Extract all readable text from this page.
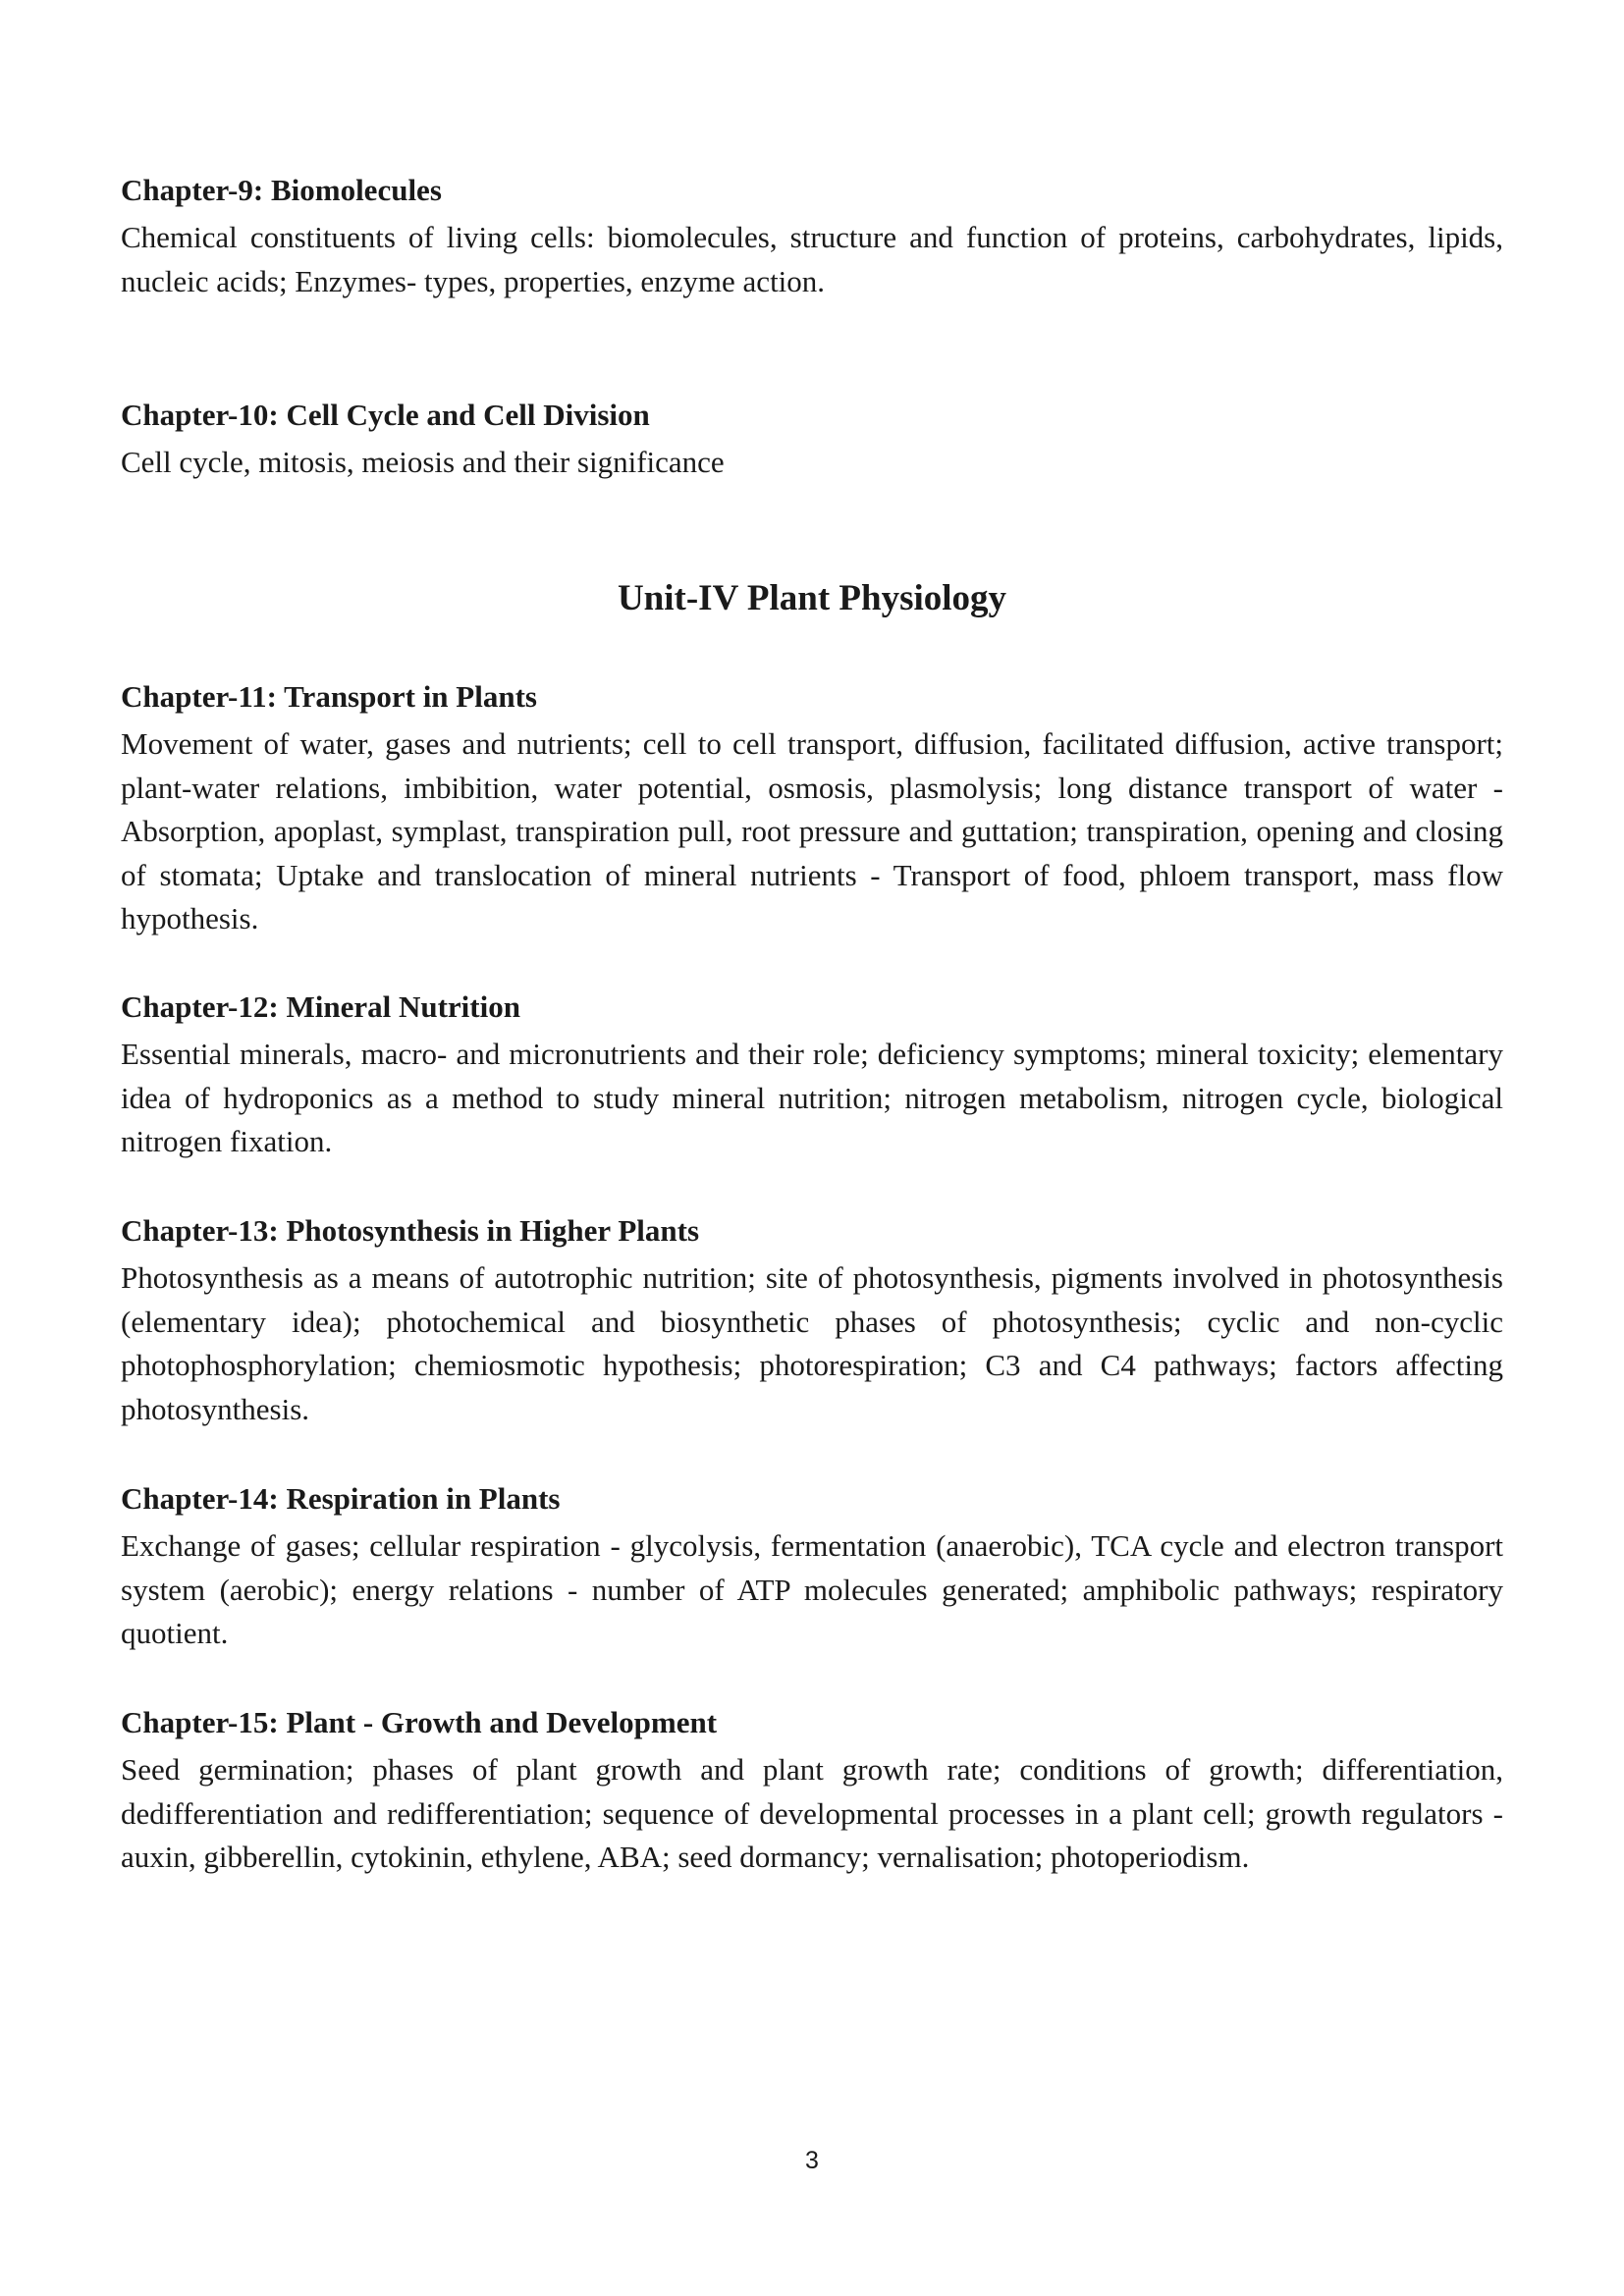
Chapter-9: Biomolecules

Chemical constituents of living cells: biomolecules, structure and function of proteins, carbohydrates, lipids, nucleic acids; Enzymes- types, properties, enzyme action.

Chapter-10: Cell Cycle and Cell Division

Cell cycle, mitosis, meiosis and their significance

Unit-IV Plant Physiology
Chapter-11: Transport in Plants

Movement of water, gases and nutrients; cell to cell transport, diffusion, facilitated diffusion, active transport; plant-water relations, imbibition, water potential, osmosis, plasmolysis; long distance transport of water - Absorption, apoplast, symplast, transpiration pull, root pressure and guttation; transpiration, opening and closing of stomata; Uptake and translocation of mineral nutrients - Transport of food, phloem transport, mass flow hypothesis.

Chapter-12: Mineral Nutrition

Essential minerals, macro- and micronutrients and their role; deficiency symptoms; mineral toxicity; elementary idea of hydroponics as a method to study mineral nutrition; nitrogen metabolism, nitrogen cycle, biological nitrogen fixation.

Chapter-13: Photosynthesis in Higher Plants

Photosynthesis as a means of autotrophic nutrition; site of photosynthesis, pigments involved in photosynthesis (elementary idea); photochemical and biosynthetic phases of photosynthesis; cyclic and non-cyclic photophosphorylation; chemiosmotic hypothesis; photorespiration; C3 and C4 pathways; factors affecting photosynthesis.

Chapter-14: Respiration in Plants

Exchange of gases; cellular respiration - glycolysis, fermentation (anaerobic), TCA cycle and electron transport system (aerobic); energy relations - number of ATP molecules generated; amphibolic pathways; respiratory quotient.

Chapter-15: Plant - Growth and Development

Seed germination; phases of plant growth and plant growth rate; conditions of growth; differentiation, dedifferentiation and redifferentiation; sequence of developmental processes in a plant cell; growth regulators - auxin, gibberellin, cytokinin, ethylene, ABA; seed dormancy; vernalisation; photoperiodism.

3
